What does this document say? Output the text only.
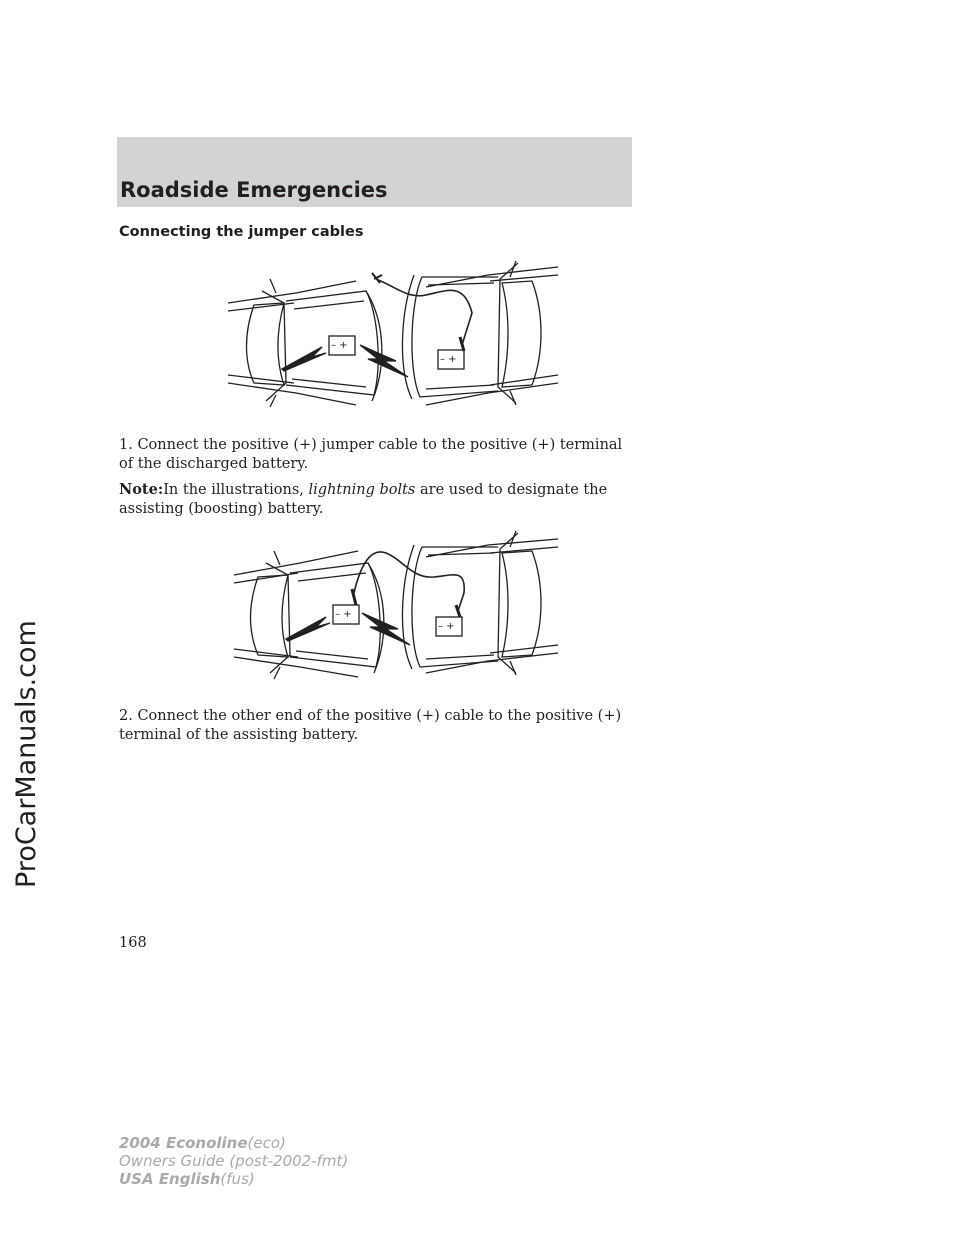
ProCarManuals.com
Roadside Emergencies
Connecting the jumper cables
– +
– +

1. Connect the positive (+) jumper cable to the positive (+) terminal of the discharged battery.

Note:In the illustrations, lightning bolts are used to designate the assisting (boosting) battery.

– +
– +

2. Connect the other end of the positive (+) cable to the positive (+) terminal of the assisting battery.

168
2004 Econoline(eco)
Owners Guide (post-2002-fmt)
USA English(fus)
